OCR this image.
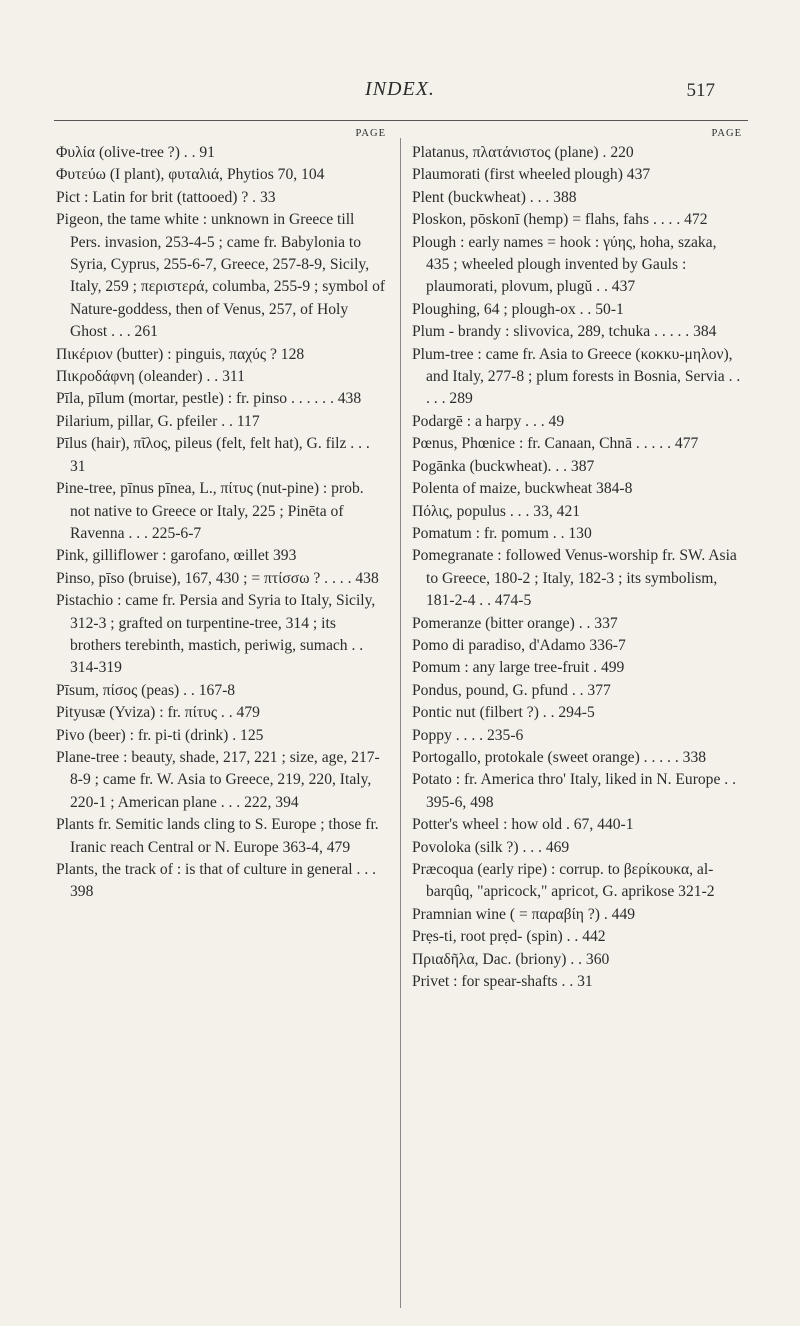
INDEX.	517
PAGE
Φυλία (olive-tree ?) . . 91
Φυτεύω (I plant), φυταλιά, Phytios 70, 104
Pict : Latin for brit (tattooed) ? . 33
Pigeon, the tame white : unknown in Greece till Pers. invasion, 253-4-5 ; came fr. Babylonia to Syria, Cyprus, 255-6-7, Greece, 257-8-9, Sicily, Italy, 259 ; περιστερά, columba, 255-9 ; symbol of Nature-goddess, then of Venus, 257, of Holy Ghost . . . 261
Πικέριον (butter) : pinguis, παχύς ? 128
Πικροδάφνη (oleander) . . 311
Pīla, pīlum (mortar, pestle) : fr. pinso . . . . . . 438
Pilarium, pillar, G. pfeiler . . 117
Pīlus (hair), πῖλος, pileus (felt, felt hat), G. filz . . . 31
Pine-tree, pīnus pīnea, L., πίτυς (nut-pine) : prob. not native to Greece or Italy, 225 ; Pinēta of Ravenna . . . 225-6-7
Pink, gilliflower : garofano, œillet 393
Pinso, pīso (bruise), 167, 430 ; = πτίσσω ? . . . . 438
Pistachio : came fr. Persia and Syria to Italy, Sicily, 312-3 ; grafted on turpentine-tree, 314 ; its brothers terebinth, mastich, periwig, sumach . . 314-319
Pīsum, πίσος (peas) . . 167-8
Pityusæ (Yviza) : fr. πίτυς . . 479
Pivo (beer) : fr. pi-ti (drink) . 125
Plane-tree : beauty, shade, 217, 221 ; size, age, 217-8-9 ; came fr. W. Asia to Greece, 219, 220, Italy, 220-1 ; American plane . . . 222, 394
Plants fr. Semitic lands cling to S. Europe ; those fr. Iranic reach Central or N. Europe 363-4, 479
Plants, the track of : is that of culture in general . . . 398
PAGE
Platanus, πλατάνιστος (plane) . 220
Plaumorati (first wheeled plough) 437
Plent (buckwheat) . . . 388
Ploskon, pōskonī (hemp) = flahs, fahs . . . . 472
Plough : early names = hook : γύης, hoha, szaka, 435 ; wheeled plough invented by Gauls : plaumorati, plovum, plugŭ . . 437
Ploughing, 64 ; plough-ox . . 50-1
Plum - brandy : slivovica, 289, tchuka . . . . . 384
Plum-tree : came fr. Asia to Greece (κοκκυ-μηλον), and Italy, 277-8 ; plum forests in Bosnia, Servia . . . . . 289
Podargē : a harpy . . . 49
Pœnus, Phœnice : fr. Canaan, Chnā . . . . . 477
Pogānka (buckwheat). . . 387
Polenta of maize, buckwheat 384-8
Πόλις, populus . . . 33, 421
Pomatum : fr. pomum . . 130
Pomegranate : followed Venus-worship fr. SW. Asia to Greece, 180-2 ; Italy, 182-3 ; its symbolism, 181-2-4 . . 474-5
Pomeranze (bitter orange) . . 337
Pomo di paradiso, d'Adamo 336-7
Pomum : any large tree-fruit . 499
Pondus, pound, G. pfund . . 377
Pontic nut (filbert ?) . . 294-5
Poppy . . . . 235-6
Portogallo, protokale (sweet orange) . . . . . 338
Potato : fr. America thro' Italy, liked in N. Europe . . 395-6, 498
Potter's wheel : how old . 67, 440-1
Povoloka (silk ?) . . . 469
Præcoqua (early ripe) : corrup. to βερίκουκα, al-barqûq, "apricock," apricot, G. aprikose 321-2
Pramnian wine ( = παραβίη ?) . 449
Prẹs-ti, root prẹd- (spin) . . 442
Πριαδῆλα, Dac. (briony) . . 360
Privet : for spear-shafts . . 31
